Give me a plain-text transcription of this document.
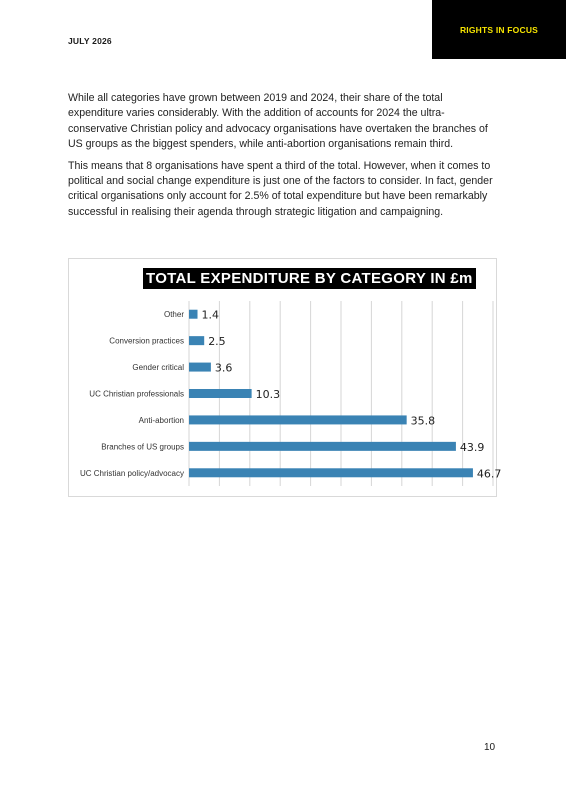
JULY 2026
RIGHTS IN FOCUS

While all categories have grown between 2019 and 2024, their share of the total expenditure varies considerably. With the addition of accounts for 2024 the ultra-conservative Christian policy and advocacy organisations have overtaken the branches of US groups as the biggest spenders, while anti-abortion organisations remain third.

This means that 8 organisations have spent a third of the total. However, when it comes to political and social change expenditure is just one of the factors to consider. In fact, gender critical organisations only account for 2.5% of total expenditure but have been remarkably successful in realising their agenda through strategic litigation and campaigning.

TOTAL EXPENDITURE BY CATEGORY IN £m
Other 1.4
Conversion practices 2.5
Gender critical	3.6
UC Christian professionals	10.3
Anti-abortion	35.8
Branches of US groups	43.9
UC Christian policy/advocacy	46.7
10
